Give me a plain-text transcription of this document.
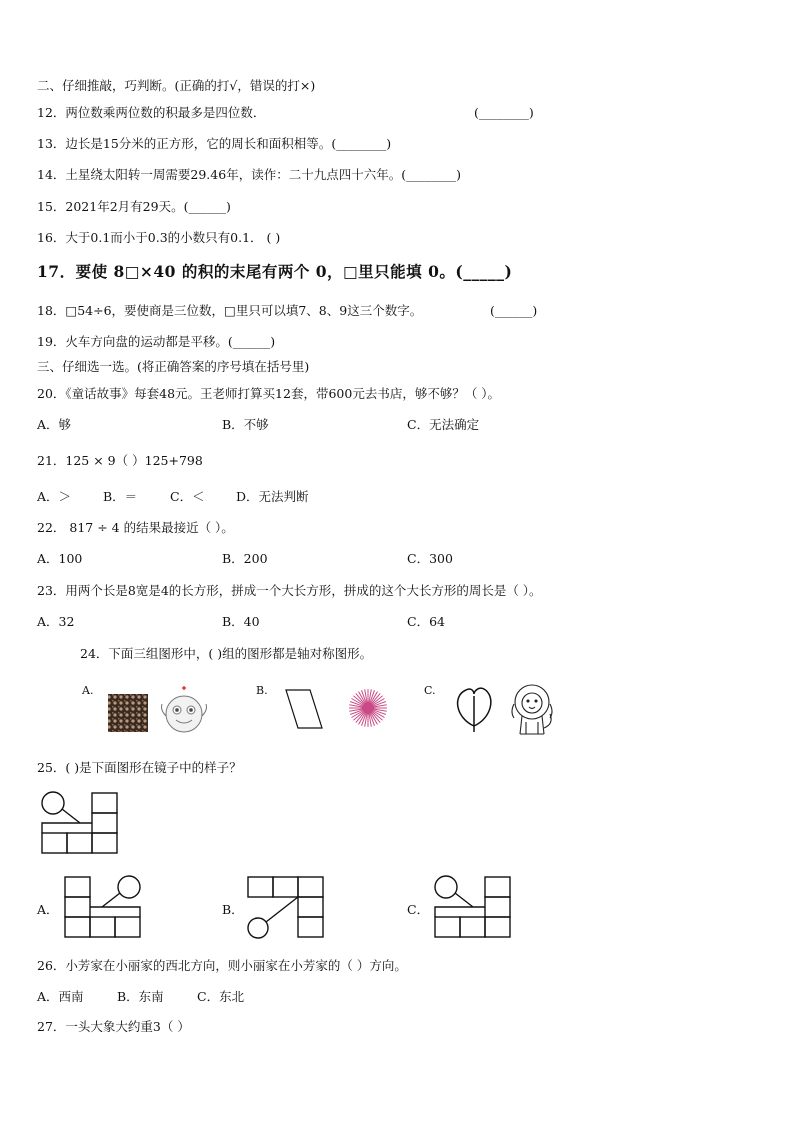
二、仔细推敲，巧判断。(正确的打√，错误的打×)
12．两位数乘两位数的积最多是四位数．	(________)
13．边长是15分米的正方形，它的周长和面积相等。(________)
14．土星绕太阳转一周需要29.46年，读作：二十九点四十六年。(________)
15．2021年2月有29天。(______)
16．大于0.1而小于0.3的小数只有0.1． ( )
17．要使 8□×40 的积的末尾有两个 0，□里只能填 0。(_____)
18．□54÷6，要使商是三位数，□里只可以填7、8、9这三个数字。	(______)
19．火车方向盘的运动都是平移。(______)
三、仔细选一选。(将正确答案的序号填在括号里)
20．《童话故事》每套48元。王老师打算买12套，带600元去书店，够不够？（ ）。
A．够	B．不够	C．无法确定
21．125 × 9（ ）125+798
A．＞	B．＝	C．＜	D．无法判断
22． 817 ÷ 4 的结果最接近（ ）。
A．100	B．200	C．300
23．用两个长是8宽是4的长方形，拼成一个大长方形，拼成的这个大长方形的周长是（ ）。
A．32	B．40	C．64
24．下面三组图形中，( )组的图形都是轴对称图形。
A.	B.	C.
25．( )是下面图形在镜子中的样子？
A．	B．	C．
26．小芳家在小丽家的西北方向，则小丽家在小芳家的（ ）方向。
A．西南	B．东南	C．东北
27．一头大象大约重3（ ）
